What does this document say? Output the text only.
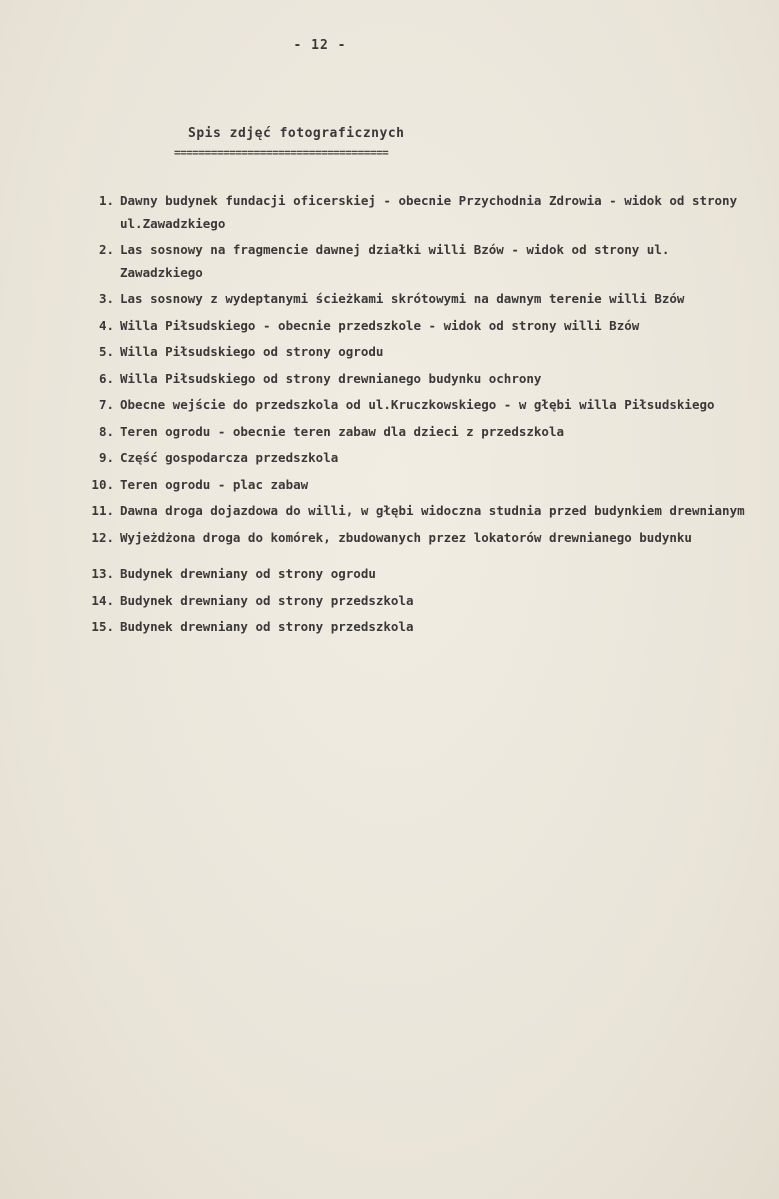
- 12 -
Spis zdjęć fotograficznych
===================================
1. Dawny budynek fundacji oficerskiej - obecnie Przychodnia Zdrowia - widok od strony ul.Zawadzkiego
2. Las sosnowy na fragmencie dawnej działki willi Bzów - widok od strony ul. Zawadzkiego
3. Las sosnowy z wydeptanymi ścieżkami skrótowymi na dawnym terenie willi Bzów
4. Willa Piłsudskiego - obecnie przedszkole - widok od strony willi Bzów
5. Willa Piłsudskiego od strony ogrodu
6. Willa Piłsudskiego od strony drewnianego budynku ochrony
7. Obecne wejście do przedszkola od ul.Kruczkowskiego - w głębi willa Piłsudskiego
8. Teren ogrodu - obecnie teren zabaw dla dzieci z przedszkola
9. Część gospodarcza przedszkola
10. Teren ogrodu - plac zabaw
11. Dawna droga dojazdowa do willi, w głębi widoczna studnia przed budynkiem drewnianym
12. Wyjeżdżona droga do komórek, zbudowanych przez lokatorów drewnianego budynku
13. Budynek drewniany od strony ogrodu
14. Budynek drewniany od strony przedszkola
15. Budynek drewniany od strony przedszkola
